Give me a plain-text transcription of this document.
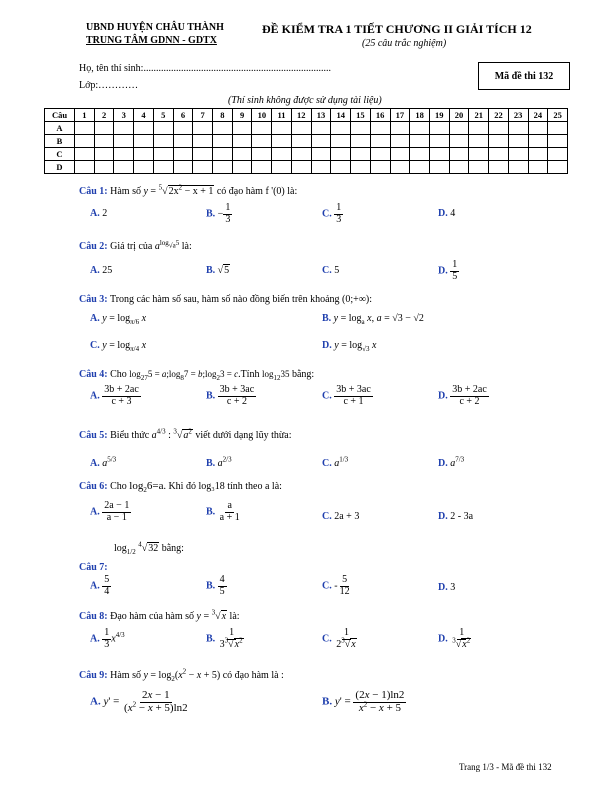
UBND HUYỆN CHÂU THÀNH
TRUNG TÂM GDNN - GDTX
ĐỀ KIỂM TRA 1 TIẾT CHƯƠNG II GIẢI TÍCH 12
(25 câu trắc nghiệm)
Họ, tên thí sinh:...........................................................................
Lớp:…………
Mã đề thi 132
(Thí sinh không được sử dụng tài liệu)
Câu	1	2	3	4	5	6	7	8	9	10	11	12	13	14	15	16	17	18	19	20	21	22	23	24	25
A																									
B																									
C																									
D																									
Câu 1: Hàm số $y = ^5√2x^2 - x + 1$ có đạo hàm f '(0) là:
A. 2	B. − $\frac{1}{3}$	C. $\frac{1}{3}$	D. 4
Câu 2: Giá trị của $a^{log_{√a}5}$ là:
A. 25	B. √5	C. 5	D. $\frac{1}{5}$
Câu 3: Trong các hàm số sau, hàm số nào đồng biến trên khoảng (0;+∞):
A. $y = \log_{\pi/6} x$	B. $y = \log_a x$, a = √3 − √2
C. $y = \log_{\pi/4} x$	D. $y = \log_{√3} x$
Câu 4: Cho $\log_{27}5$ = $a;\log_87$ = $b;\log_23$ = c.Tính $\log_{12}35$ bằng:
A. $\frac{3b + 2ac}{c + 3}$	B. $\frac{3b + 3ac}{c + 2}$	C. $\frac{3b + 3ac}{c + 1}$	D. $\frac{3b + 2ac}{c + 2}$
Câu 5: Biểu thức $a^{4/3}$ : $^3√a^2$ viết dưới dạng lũy thừa:
A. $a^{5/3}$	B. $a^{2/3}$	C. $a^{1/3}$	D. $a^{7/3}$
Câu 6: Cho $\log_26=a$. Khi đó log₃18 tính theo a là:
A. $\frac{2a - 1}{a - 1}$	B. $\frac{a}{a + 1}$	C. 2a + 3	D. 2 - 3a
$\log_{1/2} ^4√32$ bằng:
Câu 7:
A. $\frac{5}{4}$	B. $\frac{4}{5}$	C. - $\frac{5}{12}$	D. 3
Câu 8: Đạo hàm của hàm số y = $^3$√x là:
A. $\frac{1}{3} x^{4/3}$	B. $\frac{1}{3^3√x^2}$	C. $\frac{1}{2^3√x}$	D. $\frac{1}{^3√x^2}$
Câu 9: Hàm số $y = \log_2(x^2 - x + 5)$ có đạo hàm là :
A. $y' = \frac{2x - 1}{(x^2 - x + 5)\ln 2}$	B. $y' = \frac{(2x - 1)\ln 2}{x^2 - x + 5}$
Trang 1/3 - Mã đề thi 132
